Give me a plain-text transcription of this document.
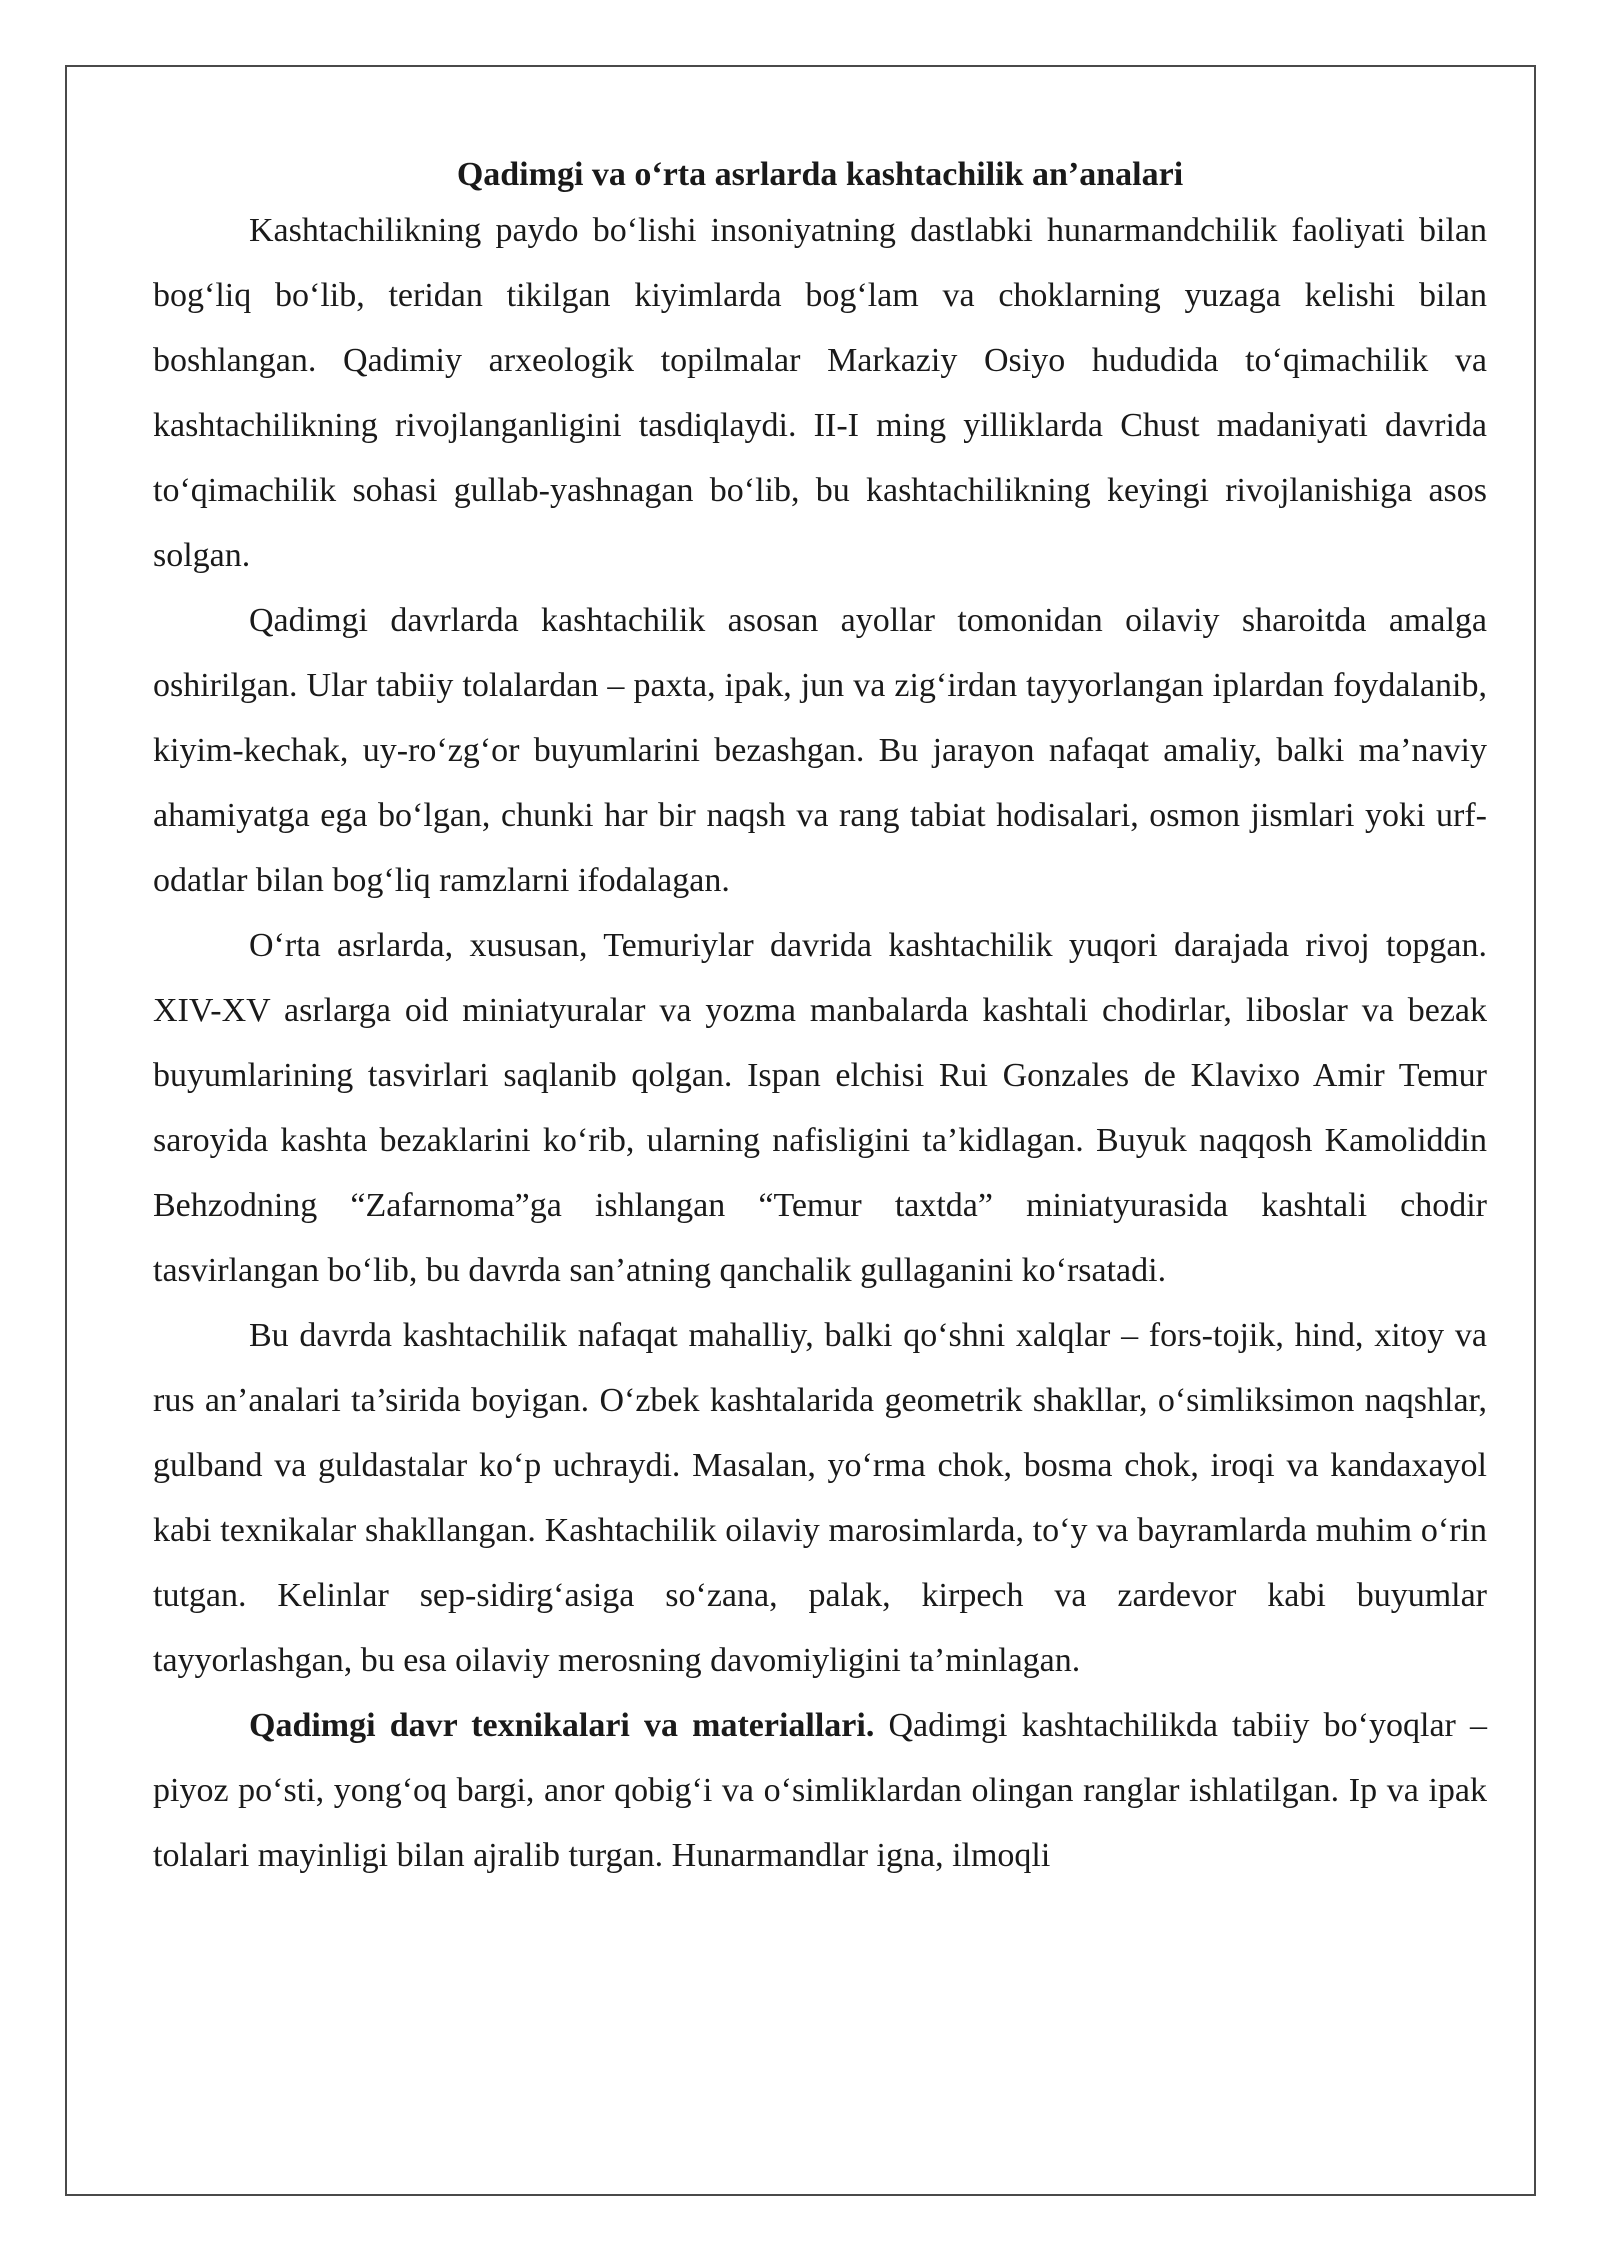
Qadimgi va o‘rta asrlarda kashtachilik an’analari

Kashtachilikning paydo bo‘lishi insoniyatning dastlabki hunarmandchilik faoliyati bilan bog‘liq bo‘lib, teridan tikilgan kiyimlarda bog‘lam va choklarning yuzaga kelishi bilan boshlangan. Qadimiy arxeologik topilmalar Markaziy Osiyo hududida to‘qimachilik va kashtachilikning rivojlanganligini tasdiqlaydi. II-I ming yilliklarda Chust madaniyati davrida to‘qimachilik sohasi gullab-yashnagan bo‘lib, bu kashtachilikning keyingi rivojlanishiga asos solgan.

Qadimgi davrlarda kashtachilik asosan ayollar tomonidan oilaviy sharoitda amalga oshirilgan. Ular tabiiy tolalardan – paxta, ipak, jun va zig‘irdan tayyorlangan iplardan foydalanib, kiyim-kechak, uy-ro‘zg‘or buyumlarini bezashgan. Bu jarayon nafaqat amaliy, balki ma’naviy ahamiyatga ega bo‘lgan, chunki har bir naqsh va rang tabiat hodisalari, osmon jismlari yoki urf-odatlar bilan bog‘liq ramzlarni ifodalagan.

O‘rta asrlarda, xususan, Temuriylar davrida kashtachilik yuqori darajada rivoj topgan. XIV-XV asrlarga oid miniatyuralar va yozma manbalarda kashtali chodirlar, liboslar va bezak buyumlarining tasvirlari saqlanib qolgan. Ispan elchisi Rui Gonzales de Klavixo Amir Temur saroyida kashta bezaklarini ko‘rib, ularning nafisligini ta’kidlagan. Buyuk naqqosh Kamoliddin Behzodning “Zafarnoma”ga ishlangan “Temur taxtda” miniatyurasida kashtali chodir tasvirlangan bo‘lib, bu davrda san’atning qanchalik gullaganini ko‘rsatadi.

Bu davrda kashtachilik nafaqat mahalliy, balki qo‘shni xalqlar – fors-tojik, hind, xitoy va rus an’analari ta’sirida boyigan. O‘zbek kashtalarida geometrik shakllar, o‘simliksimon naqshlar, gulband va guldastalar ko‘p uchraydi. Masalan, yo‘rma chok, bosma chok, iroqi va kandaxayol kabi texnikalar shakllangan. Kashtachilik oilaviy marosimlarda, to‘y va bayramlarda muhim o‘rin tutgan. Kelinlar sep-sidirg‘asiga so‘zana, palak, kirpech va zardevor kabi buyumlar tayyorlashgan, bu esa oilaviy merosning davomiyligini ta’minlagan.

Qadimgi davr texnikalari va materiallari. Qadimgi kashtachilikda tabiiy bo‘yoqlar – piyoz po‘sti, yong‘oq bargi, anor qobig‘i va o‘simliklardan olingan ranglar ishlatilgan. Ip va ipak tolalari mayinligi bilan ajralib turgan. Hunarmandlar igna, ilmoqli
